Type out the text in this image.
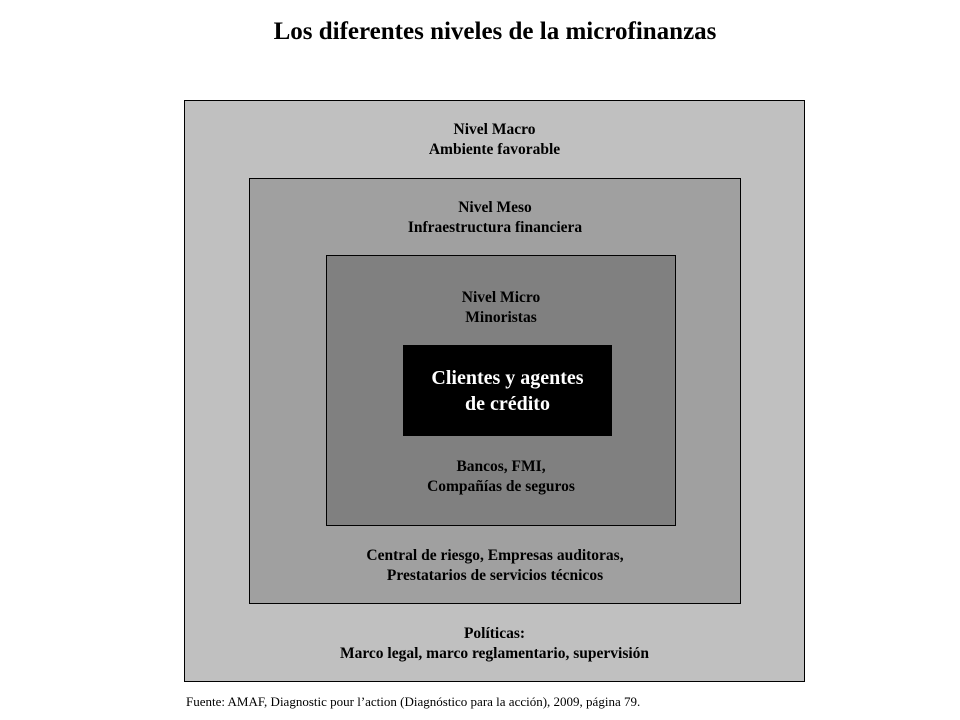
Los diferentes niveles de la microfinanzas
Nivel Macro
Ambiente favorable
Políticas:
Marco legal, marco reglamentario, supervisión
Nivel Meso
Infraestructura financiera
Central de riesgo, Empresas auditoras,
Prestatarios de servicios técnicos
Nivel Micro
Minoristas
Bancos, FMI,
Compañías de seguros
Clientes y agentes
de crédito
Fuente: AMAF, Diagnostic pour l’action (Diagnóstico para la acción), 2009, página 79.
